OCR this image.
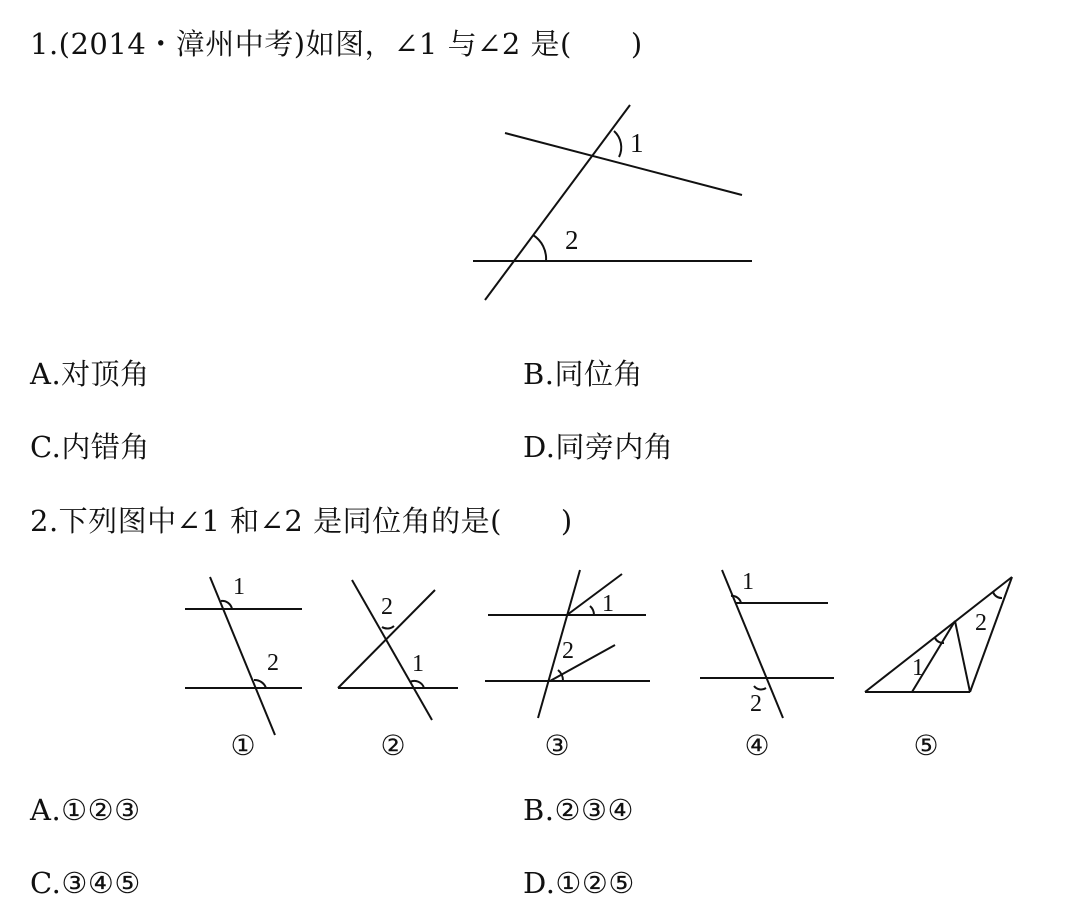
1.(2014・漳州中考)如图，∠1 与∠2 是(　　)
1
2
A.对顶角	B.同位角
C.内错角	D.同旁内角
2.下列图中∠1 和∠2 是同位角的是(　　)
1
2
2
1
1
2
1
2
1
2
①	②	③	④	⑤
A.①②③	B.②③④
C.③④⑤	D.①②⑤
